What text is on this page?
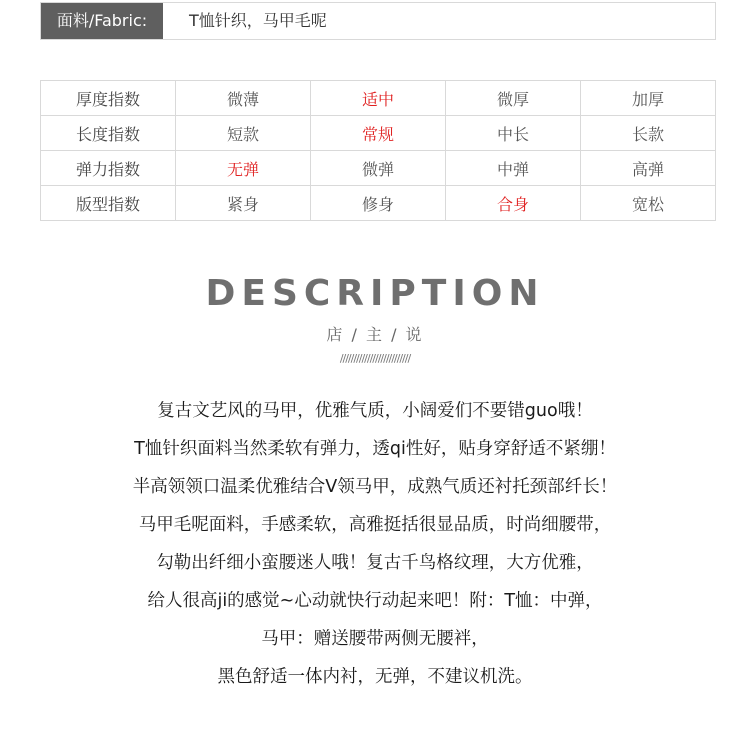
面料/Fabric:	T恤针织，马甲毛呢
厚度指数	微薄	适中	微厚	加厚
长度指数	短款	常规	中长	长款
弹力指数	无弹	微弹	中弹	高弹
版型指数	紧身	修身	合身	宽松
DESCRIPTION
店 / 主 / 说
//////////////////////////
复古文艺风的马甲，优雅气质，小阔爱们不要错guo哦！
T恤针织面料当然柔软有弹力，透qi性好，贴身穿舒适不紧绷！
半高领领口温柔优雅结合V领马甲，成熟气质还衬托颈部纤长！
马甲毛呢面料，手感柔软，高雅挺括很显品质，时尚细腰带，
勾勒出纤细小蛮腰迷人哦！复古千鸟格纹理，大方优雅，
给人很高ji的感觉~心动就快行动起来吧！附：T恤：中弹，
马甲：赠送腰带两侧无腰袢，
黑色舒适一体内衬，无弹，不建议机洗。
